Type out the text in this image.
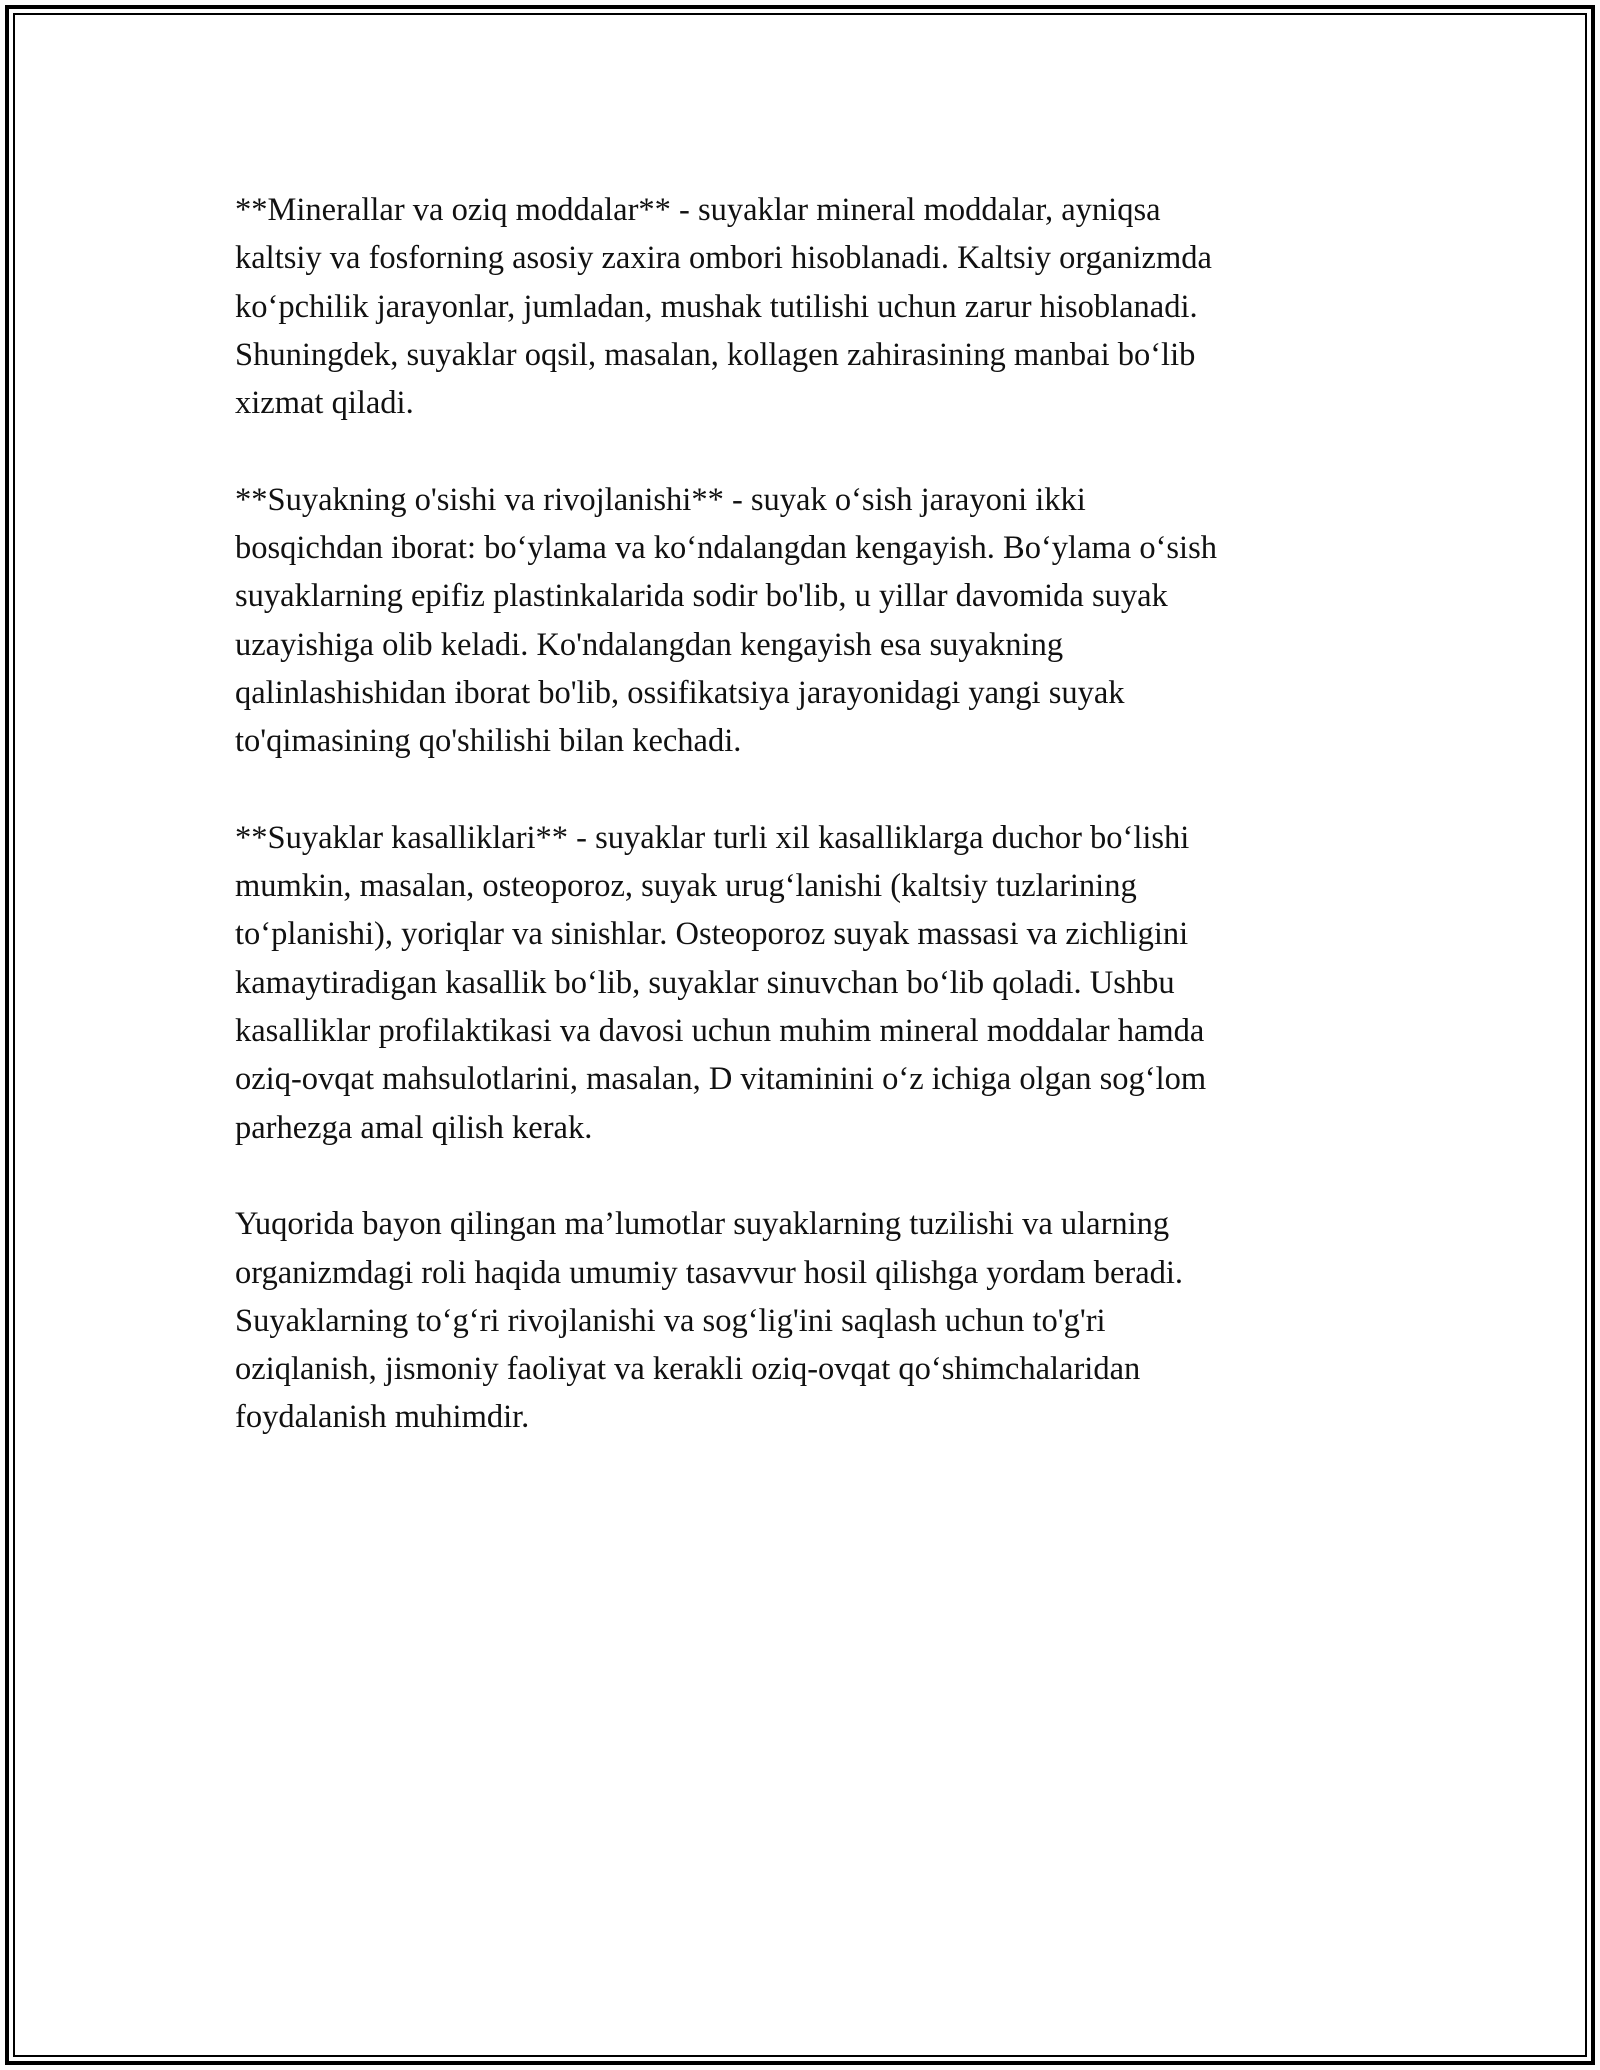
**Minerallar va oziq moddalar** - suyaklar mineral moddalar, ayniqsa
kaltsiy va fosforning asosiy zaxira ombori hisoblanadi. Kaltsiy organizmda
ko‘pchilik jarayonlar, jumladan, mushak tutilishi uchun zarur hisoblanadi.
Shuningdek, suyaklar oqsil, masalan, kollagen zahirasining manbai bo‘lib
xizmat qiladi.

**Suyakning o'sishi va rivojlanishi** - suyak o‘sish jarayoni ikki
bosqichdan iborat: bo‘ylama va ko‘ndalangdan kengayish. Bo‘ylama o‘sish
suyaklarning epifiz plastinkalarida sodir bo'lib, u yillar davomida suyak
uzayishiga olib keladi. Ko'ndalangdan kengayish esa suyakning
qalinlashishidan iborat bo'lib, ossifikatsiya jarayonidagi yangi suyak
to'qimasining qo'shilishi bilan kechadi.

**Suyaklar kasalliklari** - suyaklar turli xil kasalliklarga duchor bo‘lishi
mumkin, masalan, osteoporoz, suyak urug‘lanishi (kaltsiy tuzlarining
to‘planishi), yoriqlar va sinishlar. Osteoporoz suyak massasi va zichligini
kamaytiradigan kasallik bo‘lib, suyaklar sinuvchan bo‘lib qoladi. Ushbu
kasalliklar profilaktikasi va davosi uchun muhim mineral moddalar hamda
oziq-ovqat mahsulotlarini, masalan, D vitaminini o‘z ichiga olgan sog‘lom
parhezga amal qilish kerak.

Yuqorida bayon qilingan ma’lumotlar suyaklarning tuzilishi va ularning
organizmdagi roli haqida umumiy tasavvur hosil qilishga yordam beradi.
Suyaklarning to‘g‘ri rivojlanishi va sog‘lig'ini saqlash uchun to'g'ri
oziqlanish, jismoniy faoliyat va kerakli oziq-ovqat qo‘shimchalaridan
foydalanish muhimdir.
